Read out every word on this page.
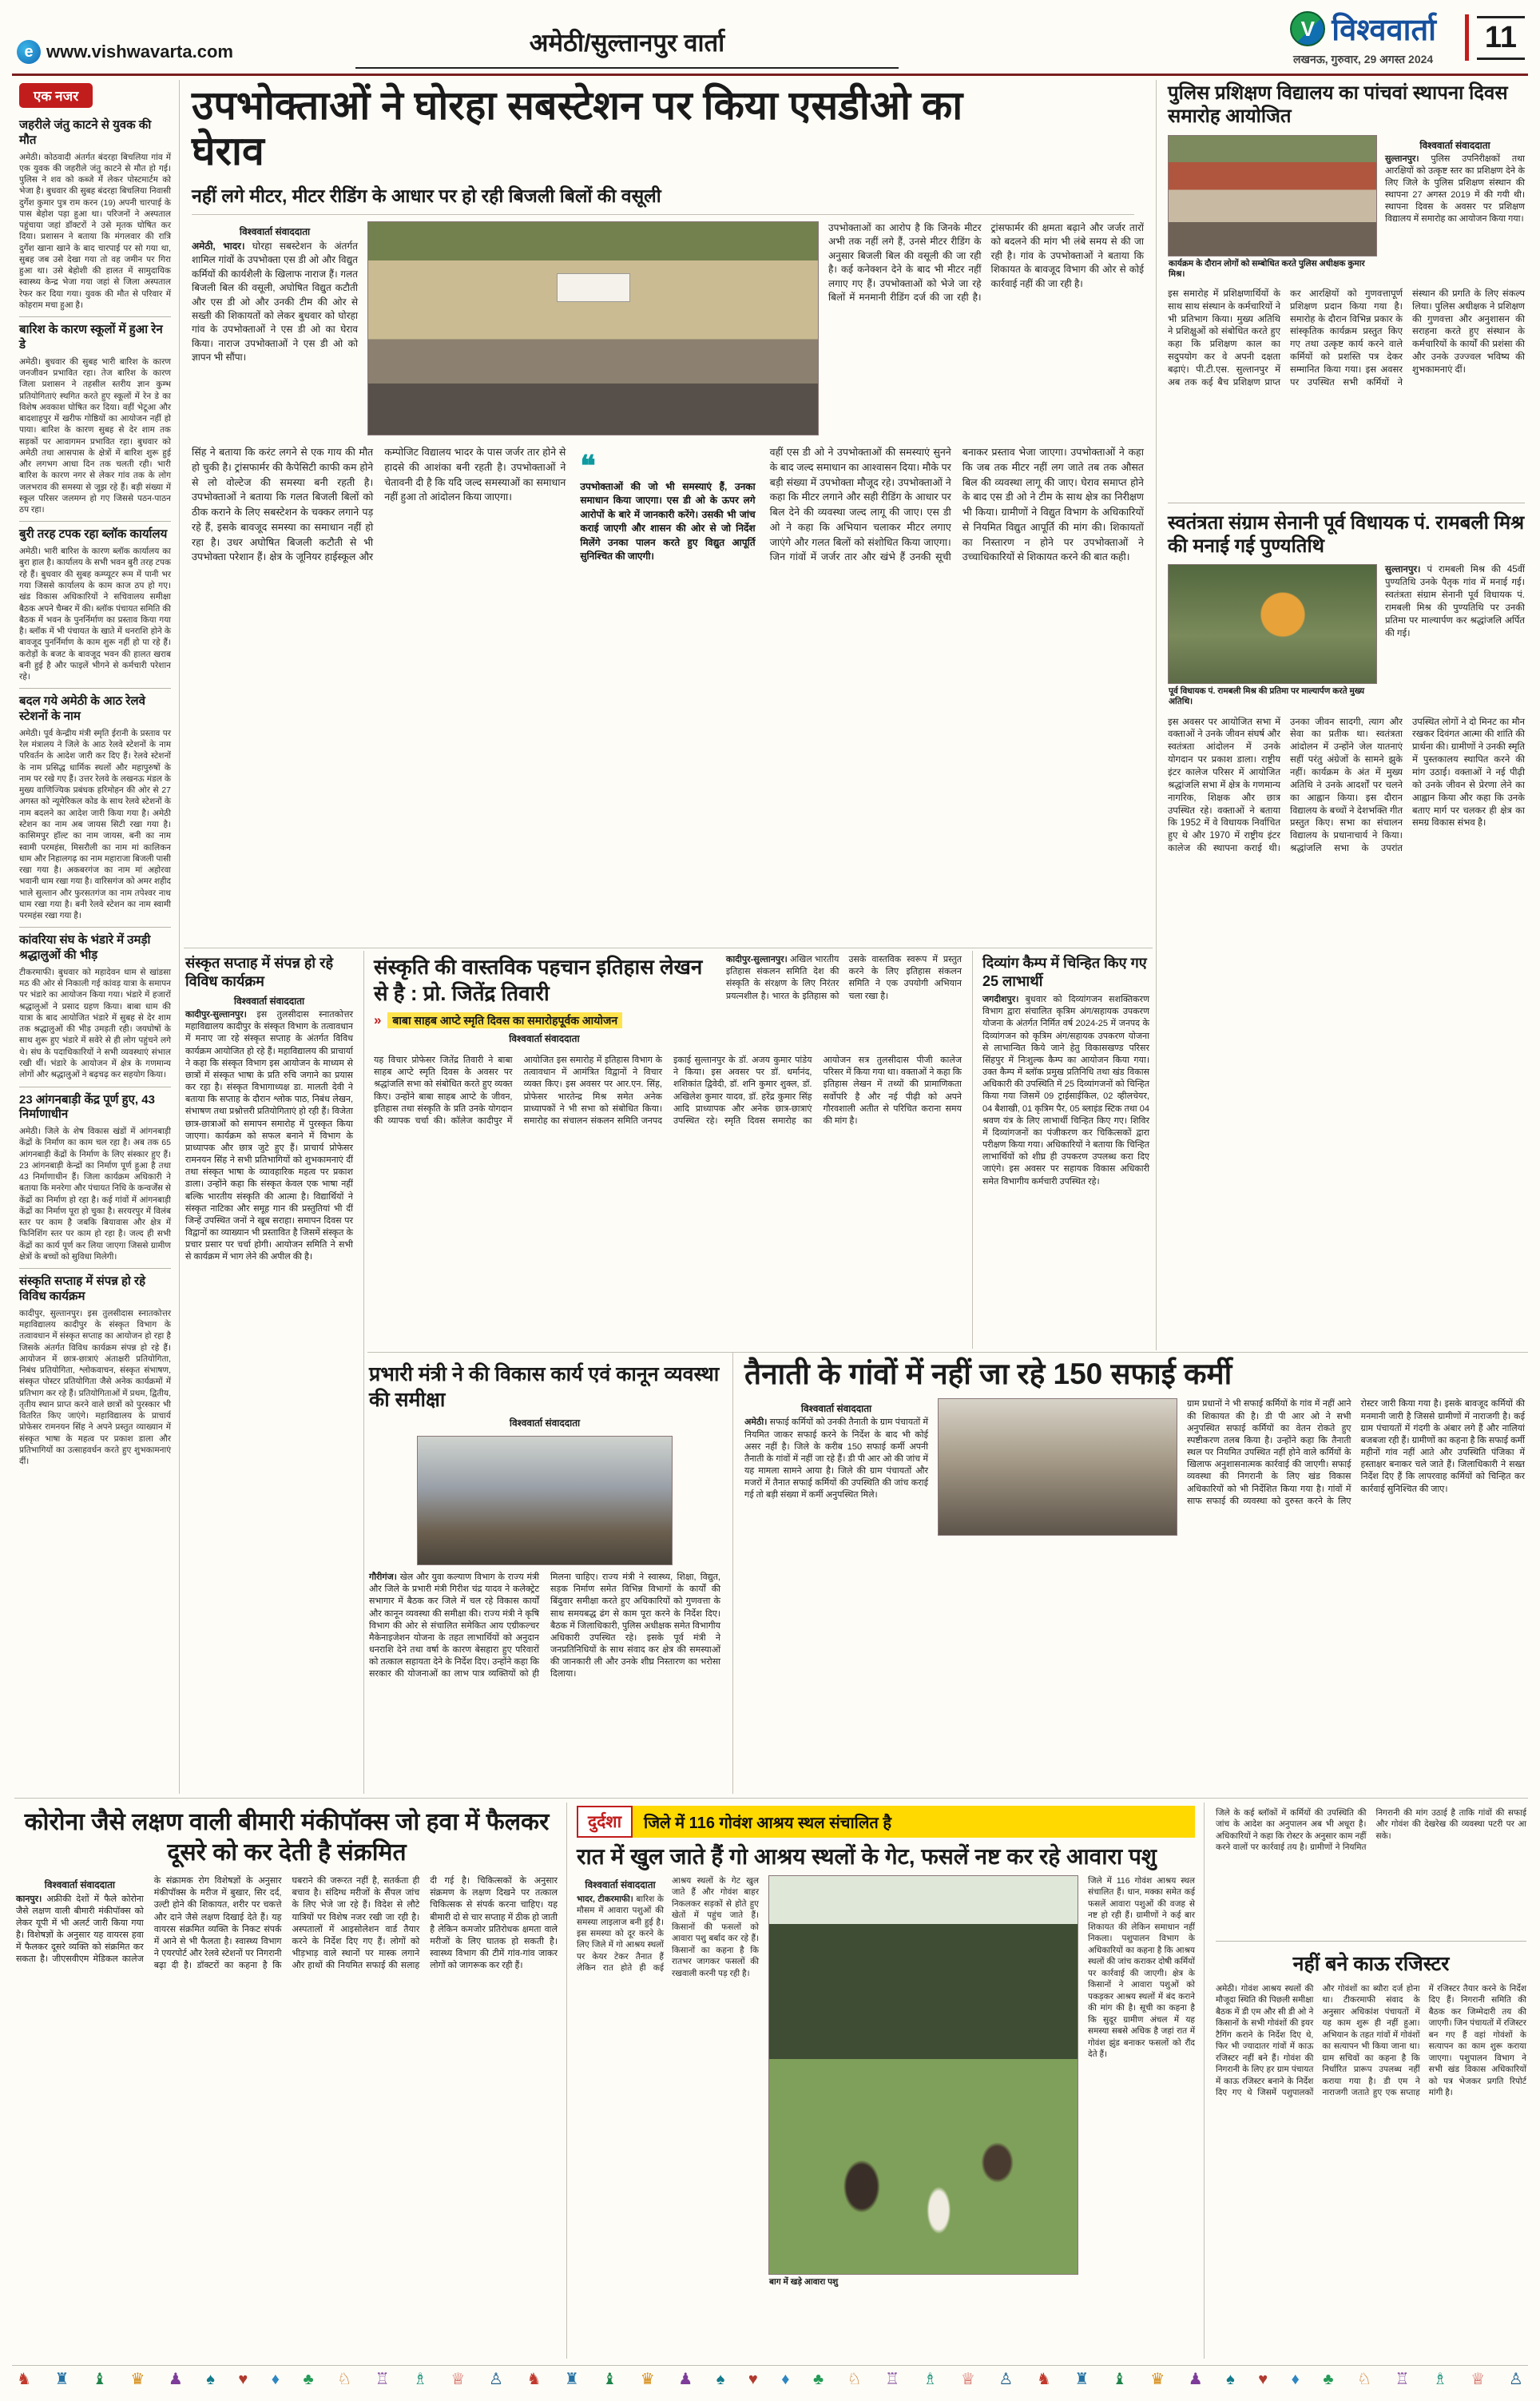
e www.vishwavarta.com	अमेठी/सुल्तानपुर वार्ता
V विश्ववार्ता
लखनऊ, गुरुवार, 29 अगस्त 2024
11
एक नजर
जहरीले जंतु काटने से युवक की मौत

अमेठी। कोठवादी अंतर्गत बंदरहा बिचलिया गांव में एक युवक की जहरीले जंतु काटने से मौत हो गई। पुलिस ने शव को कब्जे में लेकर पोस्टमार्टम को भेजा है। बुधवार की सुबह बंदरहा बिचलिया निवासी दुर्गेश कुमार पुत्र राम करन (19) अपनी चारपाई के पास बेहोश पड़ा हुआ था। परिजनों ने अस्पताल पहुंचाया जहां डॉक्टरों ने उसे मृतक घोषित कर दिया। प्रशासन ने बताया कि मंगलवार की रात्रि दुर्गेश खाना खाने के बाद चारपाई पर सो गया था, सुबह जब उसे देखा गया तो वह जमीन पर गिरा हुआ था। उसे बेहोशी की हालत में सामुदायिक स्वास्थ्य केन्द्र भेजा गया जहां से जिला अस्पताल रेफर कर दिया गया। युवक की मौत से परिवार में कोहराम मचा हुआ है।

बारिश के कारण स्कूलों में हुआ रेन डे

अमेठी। बुधवार की सुबह भारी बारिश के कारण जनजीवन प्रभावित रहा। तेज बारिश के कारण जिला प्रशासन ने तहसील स्तरीय ज्ञान कुम्भ प्रतियोगिताएं स्थगित करते हुए स्कूलों में रेन डे का विशेष अवकाश घोषित कर दिया। वहीं भेटूआ और बादशाहपुर में खरीफ गोष्ठियों का आयोजन नहीं हो पाया। बारिश के कारण सुबह से देर शाम तक सड़कों पर आवागमन प्रभावित रहा। बुधवार को अमेठी तथा आसपास के क्षेत्रों में बारिश शुरू हुई और लगभग आधा दिन तक चलती रही। भारी बारिश के कारण नगर से लेकर गांव तक के लोग जलभराव की समस्या से जूझ रहे हैं। बड़ी संख्या में स्कूल परिसर जलमग्न हो गए जिससे पठन-पाठन ठप रहा।

बुरी तरह टपक रहा ब्लॉक कार्यालय

अमेठी। भारी बारिश के कारण ब्लॉक कार्यालय का बुरा हाल है। कार्यालय के सभी भवन बुरी तरह टपक रहे हैं। बुधवार की सुबह कम्प्यूटर रूम में पानी भर गया जिससे कार्यालय के काम काज ठप हो गए। खंड विकास अधिकारियों ने सचिवालय समीक्षा बैठक अपने चैम्बर में की। ब्लॉक पंचायत समिति की बैठक में भवन के पुनर्निर्माण का प्रस्ताव किया गया है। ब्लॉक में भी पंचायत के खाते में धनराशि होने के बावजूद पुनर्निर्माण के काम शुरू नहीं हो पा रहे हैं। करोड़ों के बजट के बावजूद भवन की हालत खराब बनी हुई है और फाइलें भीगने से कर्मचारी परेशान रहे।

बदल गये अमेठी के आठ रेलवे स्टेशनों के नाम

अमेठी। पूर्व केन्द्रीय मंत्री स्मृति ईरानी के प्रस्ताव पर रेल मंत्रालय ने जिले के आठ रेलवे स्टेशनों के नाम परिवर्तन के आदेश जारी कर दिए हैं। रेलवे स्टेशनों के नाम प्रसिद्ध धार्मिक स्थलों और महापुरुषों के नाम पर रखे गए हैं। उत्तर रेलवे के लखनऊ मंडल के मुख्य वाणिज्यिक प्रबंधक हरिमोहन की ओर से 27 अगस्त को न्यूमेरिकल कोड के साथ रेलवे स्टेशनों के नाम बदलने का आदेश जारी किया गया है। अमेठी स्टेशन का नाम अब जायस सिटी रखा गया है। कासिमपुर हॉल्ट का नाम जायस, बनी का नाम स्वामी परमहंस, मिसरौली का नाम मां कालिकन धाम और निहालगढ़ का नाम महाराजा बिजली पासी रखा गया है। अकबरगंज का नाम मां अहोरवा भवानी धाम रखा गया है। वारिसगंज को अमर शहीद भाले सुल्तान और फुरसतगंज का नाम तपेश्वर नाथ धाम रखा गया है। बनी रेलवे स्टेशन का नाम स्वामी परमहंस रखा गया है।

कांवरिया संघ के भंडारे में उमड़ी श्रद्धालुओं की भीड़

टीकरमाफी। बुधवार को महादेवन धाम से खांडसा मठ की ओर से निकाली गई कांवड़ यात्रा के समापन पर भंडारे का आयोजन किया गया। भंडारे में हजारों श्रद्धालुओं ने प्रसाद ग्रहण किया। बाबा धाम की यात्रा के बाद आयोजित भंडारे में सुबह से देर शाम तक श्रद्धालुओं की भीड़ उमड़ती रही। जयघोषों के साथ शुरू हुए भंडारे में सवेरे से ही लोग पहुंचने लगे थे। संघ के पदाधिकारियों ने सभी व्यवस्थाएं संभाल रखी थीं। भंडारे के आयोजन में क्षेत्र के गणमान्य लोगों और श्रद्धालुओं ने बढ़चढ़ कर सहयोग किया।

23 आंगनबाड़ी केंद्र पूर्ण हुए, 43 निर्माणाधीन

अमेठी। जिले के शेष विकास खंडों में आंगनबाड़ी केंद्रों के निर्माण का काम चल रहा है। अब तक 65 आंगनबाड़ी केंद्रों के निर्माण के लिए संस्कार हुए हैं। 23 आंगनबाड़ी केन्द्रों का निर्माण पूर्ण हुआ है तथा 43 निर्माणाधीन हैं। जिला कार्यक्रम अधिकारी ने बताया कि मनरेगा और पंचायत निधि के कन्वर्जेंस से केंद्रों का निर्माण हो रहा है। कई गांवों में आंगनबाड़ी केंद्रों का निर्माण पूरा हो चुका है। सरयरपुर में विलंब स्तर पर काम है जबकि बियावास और क्षेत्र में फिनिशिंग स्तर पर काम हो रहा है। जल्द ही सभी केंद्रों का कार्य पूर्ण कर लिया जाएगा जिससे ग्रामीण क्षेत्रों के बच्चों को सुविधा मिलेगी।

संस्कृति सप्ताह में संपन्न हो रहे विविध कार्यक्रम

कादीपुर, सुल्तानपुर। इस तुलसीदास स्नातकोत्तर महाविद्यालय कादीपुर के संस्कृत विभाग के तत्वावधान में संस्कृत सप्ताह का आयोजन हो रहा है जिसके अंतर्गत विविध कार्यक्रम संपन्न हो रहे हैं। आयोजन में छात्र-छात्राएं अंताक्षरी प्रतियोगिता, निबंध प्रतियोगिता, श्लोकवाचन, संस्कृत संभाषण, संस्कृत पोस्टर प्रतियोगिता जैसे अनेक कार्यक्रमों में प्रतिभाग कर रहे हैं। प्रतियोगिताओं में प्रथम, द्वितीय, तृतीय स्थान प्राप्त करने वाले छात्रों को पुरस्कार भी वितरित किए जाएंगे। महाविद्यालय के प्राचार्य प्रोफेसर रामनयन सिंह ने अपने प्रस्तुत व्याख्यान में संस्कृत भाषा के महत्व पर प्रकाश डाला और प्रतिभागियों का उत्साहवर्धन करते हुए शुभकामनाएं दीं।

उपभोक्ताओं ने घोरहा सबस्टेशन पर किया एसडीओ का घेराव
नहीं लगे मीटर, मीटर रीडिंग के आधार पर हो रही बिजली बिलों की वसूली

विश्ववार्ता संवाददाता

अमेठी, भादर। घोरहा सबस्टेशन के अंतर्गत शामिल गांवों के उपभोक्ता एस डी ओ और विद्युत कर्मियों की कार्यशैली के खिलाफ नाराज हैं। गलत बिजली बिल की वसूली, अघोषित विद्युत कटौती और एस डी ओ और उनकी टीम की ओर से सख्ती की शिकायतों को लेकर बुधवार को घोरहा गांव के उपभोक्ताओं ने एस डी ओ का घेराव किया। नाराज उपभोक्ताओं ने एस डी ओ को ज्ञापन भी सौंपा।

उपभोक्ताओं का आरोप है कि जिनके मीटर अभी तक नहीं लगे हैं, उनसे मीटर रीडिंग के अनुसार बिजली बिल की वसूली की जा रही है। कई कनेक्शन देने के बाद भी मीटर नहीं लगाए गए हैं। उपभोक्ताओं को भेजे जा रहे बिलों में मनमानी रीडिंग दर्ज की जा रही है। ट्रांसफार्मर की क्षमता बढ़ाने और जर्जर तारों को बदलने की मांग भी लंबे समय से की जा रही है। गांव के उपभोक्ताओं ने बताया कि शिकायत के बावजूद विभाग की ओर से कोई कार्रवाई नहीं की जा रही है।

सिंह ने बताया कि करंट लगने से एक गाय की मौत हो चुकी है। ट्रांसफार्मर की कैपेसिटी काफी कम होने से लो वोल्टेज की समस्या बनी रहती है। उपभोक्ताओं ने बताया कि गलत बिजली बिलों को ठीक कराने के लिए सबस्टेशन के चक्कर लगाने पड़ रहे हैं, इसके बावजूद समस्या का समाधान नहीं हो रहा है। उधर अघोषित बिजली कटौती से भी उपभोक्ता परेशान हैं। क्षेत्र के जूनियर हाईस्कूल और कम्पोजिट विद्यालय भादर के पास जर्जर तार होने से हादसे की आशंका बनी रहती है। उपभोक्ताओं ने चेतावनी दी है कि यदि जल्द समस्याओं का समाधान नहीं हुआ तो आंदोलन किया जाएगा।

❝

उपभोक्ताओं की जो भी समस्याएं हैं, उनका समाधान किया जाएगा। एस डी ओ के ऊपर लगे आरोपों के बारे में जानकारी करेंगे। उसकी भी जांच कराई जाएगी और शासन की ओर से जो निर्देश मिलेंगे उनका पालन करते हुए विद्युत आपूर्ति सुनिश्चित की जाएगी।

वहीं एस डी ओ ने उपभोक्ताओं की समस्याएं सुनने के बाद जल्द समाधान का आश्वासन दिया। मौके पर बड़ी संख्या में उपभोक्ता मौजूद रहे। उपभोक्ताओं ने कहा कि मीटर लगाने और सही रीडिंग के आधार पर बिल देने की व्यवस्था जल्द लागू की जाए। एस डी ओ ने कहा कि अभियान चलाकर मीटर लगाए जाएंगे और गलत बिलों को संशोधित किया जाएगा। जिन गांवों में जर्जर तार और खंभे हैं उनकी सूची बनाकर प्रस्ताव भेजा जाएगा। उपभोक्ताओं ने कहा कि जब तक मीटर नहीं लग जाते तब तक औसत बिल की व्यवस्था लागू की जाए। घेराव समाप्त होने के बाद एस डी ओ ने टीम के साथ क्षेत्र का निरीक्षण भी किया। ग्रामीणों ने विद्युत विभाग के अधिकारियों से नियमित विद्युत आपूर्ति की मांग की। शिकायतों का निस्तारण न होने पर उपभोक्ताओं ने उच्चाधिकारियों से शिकायत करने की बात कही।

पुलिस प्रशिक्षण विद्यालय का पांचवां स्थापना दिवस समारोह आयोजित

कार्यक्रम के दौरान लोगों को सम्बोधित करते पुलिस अधीक्षक कुमार मिश्र।

विश्ववार्ता संवाददाता

सुल्तानपुर। पुलिस उपनिरीक्षकों तथा आरक्षियों को उत्कृष्ट स्तर का प्रशिक्षण देने के लिए जिले के पुलिस प्रशिक्षण संस्थान की स्थापना 27 अगस्त 2019 में की गयी थी। स्थापना दिवस के अवसर पर प्रशिक्षण विद्यालय में समारोह का आयोजन किया गया।

इस समारोह में प्रशिक्षणार्थियों के साथ साथ संस्थान के कर्मचारियों ने भी प्रतिभाग किया। मुख्य अतिथि ने प्रशिक्षुओं को संबोधित करते हुए कहा कि प्रशिक्षण काल का सदुपयोग कर वे अपनी दक्षता बढ़ाएं। पी.टी.एस. सुल्तानपुर में अब तक कई बैच प्रशिक्षण प्राप्त कर आरक्षियों को गुणवत्तापूर्ण प्रशिक्षण प्रदान किया गया है। समारोह के दौरान विभिन्न प्रकार के सांस्कृतिक कार्यक्रम प्रस्तुत किए गए तथा उत्कृष्ट कार्य करने वाले कर्मियों को प्रशस्ति पत्र देकर सम्मानित किया गया। इस अवसर पर उपस्थित सभी कर्मियों ने संस्थान की प्रगति के लिए संकल्प लिया। पुलिस अधीक्षक ने प्रशिक्षण की गुणवत्ता और अनुशासन की सराहना करते हुए संस्थान के कर्मचारियों के कार्यों की प्रशंसा की और उनके उज्ज्वल भविष्य की शुभकामनाएं दीं।
स्वतंत्रता संग्राम सेनानी पूर्व विधायक पं. रामबली मिश्र की मनाई गई पुण्यतिथि

पूर्व विधायक पं. रामबली मिश्र की प्रतिमा पर माल्यार्पण करते मुख्य अतिथि।

सुल्तानपुर। पं रामबली मिश्र की 45वीं पुण्यतिथि उनके पैतृक गांव में मनाई गई। स्वतंत्रता संग्राम सेनानी पूर्व विधायक पं. रामबली मिश्र की पुण्यतिथि पर उनकी प्रतिमा पर माल्यार्पण कर श्रद्धांजलि अर्पित की गई।

इस अवसर पर आयोजित सभा में वक्ताओं ने उनके जीवन संघर्ष और स्वतंत्रता आंदोलन में उनके योगदान पर प्रकाश डाला। राष्ट्रीय इंटर कालेज परिसर में आयोजित श्रद्धांजलि सभा में क्षेत्र के गणमान्य नागरिक, शिक्षक और छात्र उपस्थित रहे। वक्ताओं ने बताया कि 1952 में वे विधायक निर्वाचित हुए थे और 1970 में राष्ट्रीय इंटर कालेज की स्थापना कराई थी। उनका जीवन सादगी, त्याग और सेवा का प्रतीक था। स्वतंत्रता आंदोलन में उन्होंने जेल यातनाएं सहीं परंतु अंग्रेजों के सामने झुके नहीं। कार्यक्रम के अंत में मुख्य अतिथि ने उनके आदर्शों पर चलने का आह्वान किया। इस दौरान विद्यालय के बच्चों ने देशभक्ति गीत प्रस्तुत किए। सभा का संचालन विद्यालय के प्रधानाचार्य ने किया। श्रद्धांजलि सभा के उपरांत उपस्थित लोगों ने दो मिनट का मौन रखकर दिवंगत आत्मा की शांति की प्रार्थना की। ग्रामीणों ने उनकी स्मृति में पुस्तकालय स्थापित करने की मांग उठाई। वक्ताओं ने नई पीढ़ी को उनके जीवन से प्रेरणा लेने का आह्वान किया और कहा कि उनके बताए मार्ग पर चलकर ही क्षेत्र का समग्र विकास संभव है।
संस्कृत सप्ताह में संपन्न हो रहे विविध कार्यक्रम

विश्ववार्ता संवाददाता

कादीपुर-सुल्तानपुर। इस तुलसीदास स्नातकोत्तर महाविद्यालय कादीपुर के संस्कृत विभाग के तत्वावधान में मनाए जा रहे संस्कृत सप्ताह के अंतर्गत विविध कार्यक्रम आयोजित हो रहे हैं। महाविद्यालय की प्राचार्या ने कहा कि संस्कृत विभाग इस आयोजन के माध्यम से छात्रों में संस्कृत भाषा के प्रति रुचि जगाने का प्रयास कर रहा है। संस्कृत विभागाध्यक्ष डा. मालती देवी ने बताया कि सप्ताह के दौरान श्लोक पाठ, निबंध लेखन, संभाषण तथा प्रश्नोत्तरी प्रतियोगिताएं हो रही हैं। विजेता छात्र-छात्राओं को समापन समारोह में पुरस्कृत किया जाएगा। कार्यक्रम को सफल बनाने में विभाग के प्राध्यापक और छात्र जुटे हुए हैं। प्राचार्य प्रोफेसर रामनयन सिंह ने सभी प्रतिभागियों को शुभकामनाएं दीं तथा संस्कृत भाषा के व्यावहारिक महत्व पर प्रकाश डाला। उन्होंने कहा कि संस्कृत केवल एक भाषा नहीं बल्कि भारतीय संस्कृति की आत्मा है। विद्यार्थियों ने संस्कृत नाटिका और समूह गान की प्रस्तुतियां भी दीं जिन्हें उपस्थित जनों ने खूब सराहा। समापन दिवस पर विद्वानों का व्याख्यान भी प्रस्तावित है जिसमें संस्कृत के प्रचार प्रसार पर चर्चा होगी। आयोजन समिति ने सभी से कार्यक्रम में भाग लेने की अपील की है।

संस्कृति की वास्तविक पहचान इतिहास लेखन से है : प्रो. जितेंद्र तिवारी

» बाबा साहब आप्टे स्मृति दिवस का समारोहपूर्वक आयोजन

विश्ववार्ता संवाददाता

कादीपुर-सुल्तानपुर। अखिल भारतीय इतिहास संकलन समिति देश की संस्कृति के संरक्षण के लिए निरंतर प्रयत्नशील है। भारत के इतिहास को उसके वास्तविक स्वरूप में प्रस्तुत करने के लिए इतिहास संकलन समिति ने एक उपयोगी अभियान चला रखा है।

यह विचार प्रोफेसर जितेंद्र तिवारी ने बाबा साहब आप्टे स्मृति दिवस के अवसर पर श्रद्धांजलि सभा को संबोधित करते हुए व्यक्त किए। उन्होंने बाबा साहब आप्टे के जीवन, इतिहास तथा संस्कृति के प्रति उनके योगदान की व्यापक चर्चा की। कॉलेज कादीपुर में आयोजित इस समारोह में इतिहास विभाग के तत्वावधान में आमंत्रित विद्वानों ने विचार व्यक्त किए। इस अवसर पर आर.एन. सिंह, प्रोफेसर भारतेन्द्र मिश्र समेत अनेक प्राध्यापकों ने भी सभा को संबोधित किया। समारोह का संचालन संकलन समिति जनपद इकाई सुल्तानपुर के डॉ. अजय कुमार पांडेय ने किया। इस अवसर पर डॉ. धर्मानंद, शशिकांत द्विवेदी, डॉ. शनि कुमार शुक्ल, डॉ. अखिलेश कुमार यादव, डॉ. हरेंद्र कुमार सिंह आदि प्राध्यापक और अनेक छात्र-छात्राएं उपस्थित रहे। स्मृति दिवस समारोह का आयोजन सत्र तुलसीदास पीजी कालेज परिसर में किया गया था। वक्ताओं ने कहा कि इतिहास लेखन में तथ्यों की प्रामाणिकता सर्वोपरि है और नई पीढ़ी को अपने गौरवशाली अतीत से परिचित कराना समय की मांग है।
दिव्यांग कैम्प में चिन्हित किए गए 25 लाभार्थी

जगदीशपुर। बुधवार को दिव्यांगजन सशक्तिकरण विभाग द्वारा संचालित कृत्रिम अंग/सहायक उपकरण योजना के अंतर्गत निर्मित वर्ष 2024-25 में जनपद के दिव्यांगजन को कृत्रिम अंग/सहायक उपकरण योजना से लाभान्वित किये जाने हेतु विकासखण्ड परिसर सिंहपुर में निःशुल्क कैम्प का आयोजन किया गया। उक्त कैम्प में ब्लॉक प्रमुख प्रतिनिधि तथा खंड विकास अधिकारी की उपस्थिति में 25 दिव्यांगजनों को चिन्हित किया गया जिसमें 09 ट्राईसाईकिल, 02 व्हीलचेयर, 04 बैशाखी, 01 कृत्रिम पैर, 05 ब्लाइंड स्टिक तथा 04 श्रवण यंत्र के लिए लाभार्थी चिन्हित किए गए। शिविर में दिव्यांगजनों का पंजीकरण कर चिकित्सकों द्वारा परीक्षण किया गया। अधिकारियों ने बताया कि चिन्हित लाभार्थियों को शीघ्र ही उपकरण उपलब्ध करा दिए जाएंगे। इस अवसर पर सहायक विकास अधिकारी समेत विभागीय कर्मचारी उपस्थित रहे।

प्रभारी मंत्री ने की विकास कार्य एवं कानून व्यवस्था की समीक्षा

विश्ववार्ता संवाददाता

गौरीगंज। खेल और युवा कल्याण विभाग के राज्य मंत्री और जिले के प्रभारी मंत्री गिरीश चंद्र यादव ने कलेक्ट्रेट सभागार में बैठक कर जिले में चल रहे विकास कार्यों और कानून व्यवस्था की समीक्षा की। राज्य मंत्री ने कृषि विभाग की ओर से संचालित समेकित आय एग्रीकल्चर मैकेनाइजेशन योजना के तहत लाभार्थियों को अनुदान धनराशि देने तथा वर्षा के कारण बेसहारा हुए परिवारों को तत्काल सहायता देने के निर्देश दिए। उन्होंने कहा कि सरकार की योजनाओं का लाभ पात्र व्यक्तियों को ही मिलना चाहिए। राज्य मंत्री ने स्वास्थ्य, शिक्षा, विद्युत, सड़क निर्माण समेत विभिन्न विभागों के कार्यों की बिंदुवार समीक्षा करते हुए अधिकारियों को गुणवत्ता के साथ समयबद्ध ढंग से काम पूरा करने के निर्देश दिए। बैठक में जिलाधिकारी, पुलिस अधीक्षक समेत विभागीय अधिकारी उपस्थित रहे। इसके पूर्व मंत्री ने जनप्रतिनिधियों के साथ संवाद कर क्षेत्र की समस्याओं की जानकारी ली और उनके शीघ्र निस्तारण का भरोसा दिलाया।

तैनाती के गांवों में नहीं जा रहे 150 सफाई कर्मी

विश्ववार्ता संवाददाता

अमेठी। सफाई कर्मियों को उनकी तैनाती के ग्राम पंचायतों में नियमित जाकर सफाई करने के निर्देश के बाद भी कोई असर नहीं है। जिले के करीब 150 सफाई कर्मी अपनी तैनाती के गांवों में नहीं जा रहे हैं। डी पी आर ओ की जांच में यह मामला सामने आया है। जिले की ग्राम पंचायतों और मजरों में तैनात सफाई कर्मियों की उपस्थिति की जांच कराई गई तो बड़ी संख्या में कर्मी अनुपस्थित मिले।

ग्राम प्रधानों ने भी सफाई कर्मियों के गांव में नहीं आने की शिकायत की है। डी पी आर ओ ने सभी अनुपस्थित सफाई कर्मियों का वेतन रोकते हुए स्पष्टीकरण तलब किया है। उन्होंने कहा कि तैनाती स्थल पर नियमित उपस्थित नहीं होने वाले कर्मियों के खिलाफ अनुशासनात्मक कार्रवाई की जाएगी। सफाई व्यवस्था की निगरानी के लिए खंड विकास अधिकारियों को भी निर्देशित किया गया है। गांवों में साफ सफाई की व्यवस्था को दुरुस्त करने के लिए रोस्टर जारी किया गया है। इसके बावजूद कर्मियों की मनमानी जारी है जिससे ग्रामीणों में नाराजगी है। कई ग्राम पंचायतों में गंदगी के अंबार लगे हैं और नालियां बजबजा रही हैं। ग्रामीणों का कहना है कि सफाई कर्मी महीनों गांव नहीं आते और उपस्थिति पंजिका में हस्ताक्षर बनाकर चले जाते हैं। जिलाधिकारी ने सख्त निर्देश दिए हैं कि लापरवाह कर्मियों को चिन्हित कर कार्रवाई सुनिश्चित की जाए।
कोरोना जैसे लक्षण वाली बीमारी मंकीपॉक्स जो हवा में फैलकर दूसरे को कर देती है संक्रमित

विश्ववार्ता संवाददाता

कानपुर। अफ्रीकी देशों में फैले कोरोना जैसे लक्षण वाली बीमारी मंकीपॉक्स को लेकर यूपी में भी अलर्ट जारी किया गया है। विशेषज्ञों के अनुसार यह वायरस हवा में फैलकर दूसरे व्यक्ति को संक्रमित कर सकता है। जीएसवीएम मेडिकल कालेज के संक्रामक रोग विशेषज्ञों के अनुसार मंकीपॉक्स के मरीज में बुखार, सिर दर्द, उल्टी होने की शिकायत, शरीर पर चकत्ते और दाने जैसे लक्षण दिखाई देते हैं। यह वायरस संक्रमित व्यक्ति के निकट संपर्क में आने से भी फैलता है। स्वास्थ्य विभाग ने एयरपोर्ट और रेलवे स्टेशनों पर निगरानी बढ़ा दी है। डॉक्टरों का कहना है कि घबराने की जरूरत नहीं है, सतर्कता ही बचाव है। संदिग्ध मरीजों के सैंपल जांच के लिए भेजे जा रहे हैं। विदेश से लौटे यात्रियों पर विशेष नजर रखी जा रही है। अस्पतालों में आइसोलेशन वार्ड तैयार करने के निर्देश दिए गए हैं। लोगों को भीड़भाड़ वाले स्थानों पर मास्क लगाने और हाथों की नियमित सफाई की सलाह दी गई है। चिकित्सकों के अनुसार संक्रमण के लक्षण दिखने पर तत्काल चिकित्सक से संपर्क करना चाहिए। यह बीमारी दो से चार सप्ताह में ठीक हो जाती है लेकिन कमजोर प्रतिरोधक क्षमता वाले मरीजों के लिए घातक हो सकती है। स्वास्थ्य विभाग की टीमें गांव-गांव जाकर लोगों को जागरूक कर रही हैं।

दुर्दशा	जिले में 116 गोवंश आश्रय स्थल संचालित है
रात में खुल जाते हैं गो आश्रय स्थलों के गेट, फसलें नष्ट कर रहे आवारा पशु

विश्ववार्ता संवाददाता

भादर, टीकरमाफी। बारिश के मौसम में आवारा पशुओं की समस्या लाइलाज बनी हुई है। इस समस्या को दूर करने के लिए जिले में गो आश्रय स्थलों पर केयर टेकर तैनात हैं लेकिन रात होते ही कई आश्रय स्थलों के गेट खुल जाते हैं और गोवंश बाहर निकलकर सड़कों से होते हुए खेतों में पहुंच जाते हैं। किसानों की फसलों को आवारा पशु बर्बाद कर रहे हैं। किसानों का कहना है कि रातभर जागकर फसलों की रखवाली करनी पड़ रही है।

बाग में खड़े आवारा पशु

जिले में 116 गोवंश आश्रय स्थल संचालित हैं। धान, मक्का समेत कई फसलें आवारा पशुओं की वजह से नष्ट हो रही हैं। ग्रामीणों ने कई बार शिकायत की लेकिन समाधान नहीं निकला। पशुपालन विभाग के अधिकारियों का कहना है कि आश्रय स्थलों की जांच कराकर दोषी कर्मियों पर कार्रवाई की जाएगी। क्षेत्र के किसानों ने आवारा पशुओं को पकड़कर आश्रय स्थलों में बंद कराने की मांग की है। सूची का कहना है कि सुदूर ग्रामीण अंचल में यह समस्या सबसे अधिक है जहां रात में गोवंश झुंड बनाकर फसलों को रौंद देते हैं।
जिले के कई ब्लॉकों में कर्मियों की उपस्थिति की जांच के आदेश का अनुपालन अब भी अधूरा है। अधिकारियों ने कहा कि रोस्टर के अनुसार काम नहीं करने वालों पर कार्रवाई तय है। ग्रामीणों ने नियमित निगरानी की मांग उठाई है ताकि गांवों की सफाई और गोवंश की देखरेख की व्यवस्था पटरी पर आ सके।
नहीं बने काऊ रजिस्टर
अमेठी। गोवंश आश्रय स्थलों की मौजूदा स्थिति की पिछली समीक्षा बैठक में डी एम और सी डी ओ ने किसानों के सभी गोवंशों की इयर टैगिंग कराने के निर्देश दिए थे, फिर भी ज्यादातर गांवों में काऊ रजिस्टर नहीं बने हैं। गोवंश की निगरानी के लिए हर ग्राम पंचायत में काऊ रजिस्टर बनाने के निर्देश दिए गए थे जिसमें पशुपालकों और गोवंशों का ब्यौरा दर्ज होना था। टीकरमाफी संवाद के अनुसार अधिकांश पंचायतों में यह काम शुरू ही नहीं हुआ। अभियान के तहत गांवों में गोवंशों का सत्यापन भी किया जाना था। ग्राम सचिवों का कहना है कि निर्धारित प्रारूप उपलब्ध नहीं कराया गया है। डी एम ने नाराजगी जताते हुए एक सप्ताह में रजिस्टर तैयार करने के निर्देश दिए हैं। निगरानी समिति की बैठक कर जिम्मेदारी तय की जाएगी। जिन पंचायतों में रजिस्टर बन गए हैं वहां गोवंशों के सत्यापन का काम शुरू कराया जाएगा। पशुपालन विभाग ने सभी खंड विकास अधिकारियों को पत्र भेजकर प्रगति रिपोर्ट मांगी है।
♞ ♜ ♝ ♛ ♟ ♠ ♥ ♦ ♣ ♘ ♖ ♗ ♕ ♙ ♞ ♜ ♝ ♛ ♟ ♠ ♥ ♦ ♣ ♘ ♖ ♗ ♕ ♙ ♞ ♜ ♝ ♛ ♟ ♠ ♥ ♦ ♣ ♘ ♖ ♗ ♕ ♙
